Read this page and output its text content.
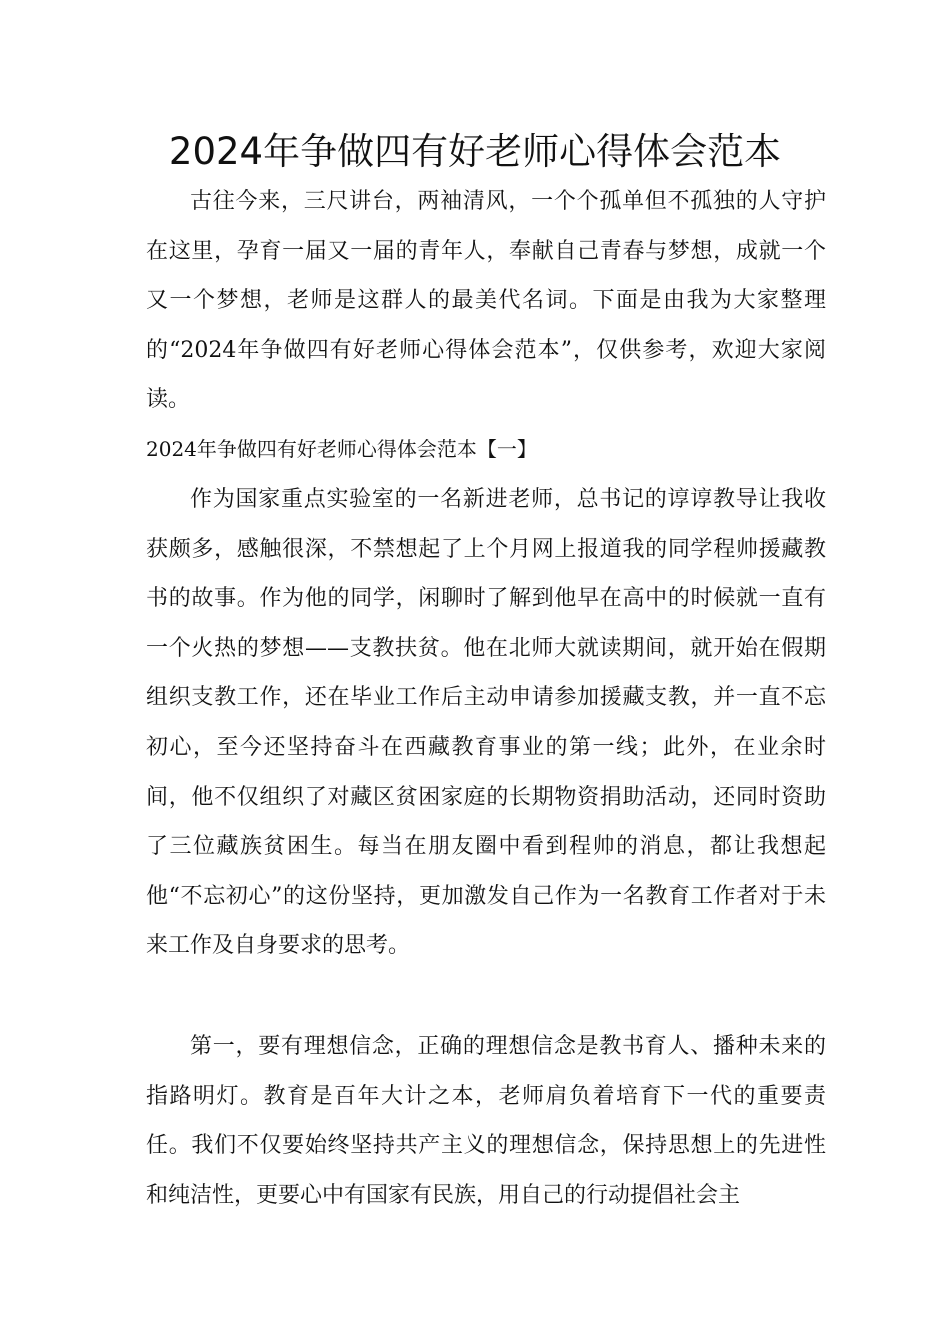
2024年争做四有好老师心得体会范本

古往今来，三尺讲台，两袖清风，一个个孤单但不孤独的人守护在这里，孕育一届又一届的青年人，奉献自己青春与梦想，成就一个又一个梦想，老师是这群人的最美代名词。下面是由我为大家整理的“2024年争做四有好老师心得体会范本”，仅供参考，欢迎大家阅读。

2024年争做四有好老师心得体会范本【一】

作为国家重点实验室的一名新进老师，总书记的谆谆教导让我收获颇多，感触很深，不禁想起了上个月网上报道我的同学程帅援藏教书的故事。作为他的同学，闲聊时了解到他早在高中的时候就一直有一个火热的梦想——支教扶贫。他在北师大就读期间，就开始在假期组织支教工作，还在毕业工作后主动申请参加援藏支教，并一直不忘初心，至今还坚持奋斗在西藏教育事业的第一线；此外，在业余时间，他不仅组织了对藏区贫困家庭的长期物资捐助活动，还同时资助了三位藏族贫困生。每当在朋友圈中看到程帅的消息，都让我想起他“不忘初心”的这份坚持，更加激发自己作为一名教育工作者对于未来工作及自身要求的思考。

第一，要有理想信念，正确的理想信念是教书育人、播种未来的指路明灯。教育是百年大计之本，老师肩负着培育下一代的重要责任。我们不仅要始终坚持共产主义的理想信念，保持思想上的先进性和纯洁性，更要心中有国家有民族，用自己的行动提倡社会主
